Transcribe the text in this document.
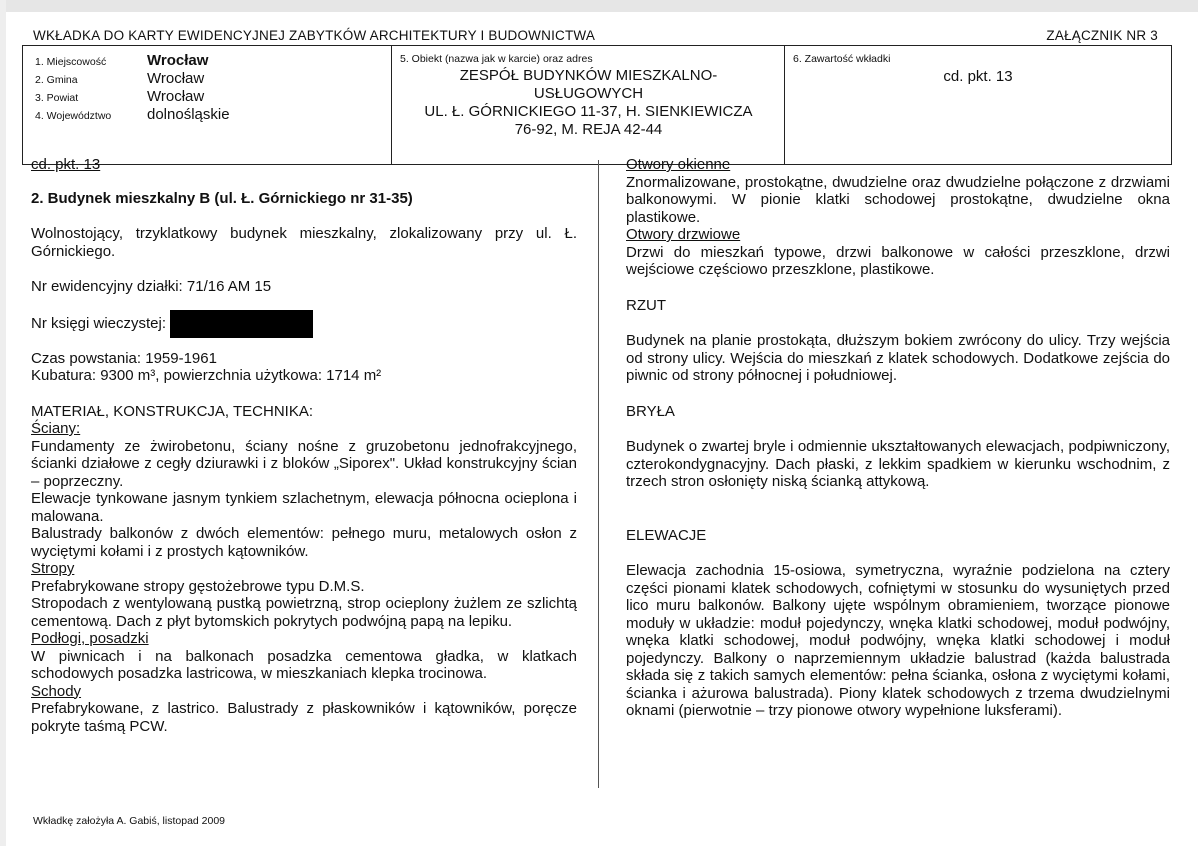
WKŁADKA DO KARTY EWIDENCYJNEJ ZABYTKÓW ARCHITEKTURY I BUDOWNICTWA	ZAŁĄCZNIK NR 3
1. Miejscowość	Wrocław
2. Gmina	Wrocław
3. Powiat	Wrocław
4. Województwo	dolnośląskie
5. Obiekt (nazwa jak w karcie) oraz adres
ZESPÓŁ BUDYNKÓW MIESZKALNO-
USŁUGOWYCH
UL. Ł. GÓRNICKIEGO 11-37, H. SIENKIEWICZA
76-92, M. REJA 42-44
6. Zawartość wkładki
cd. pkt. 13

cd. pkt. 13

2. Budynek mieszkalny B (ul. Ł. Górnickiego nr 31-35)

Wolnostojący, trzyklatkowy budynek mieszkalny, zlokalizowany przy ul. Ł. Górnickiego.

Nr ewidencyjny działki: 71/16 AM 15

Nr księgi wieczystej:

Czas powstania: 1959-1961

Kubatura: 9300 m³, powierzchnia użytkowa: 1714 m²

MATERIAŁ, KONSTRUKCJA, TECHNIKA:

Ściany:

Fundamenty ze żwirobetonu, ściany nośne z gruzobetonu jednofrakcyjnego, ścianki działowe z cegły dziurawki i z bloków „Siporex". Układ konstrukcyjny ścian – poprzeczny.

Elewacje tynkowane jasnym tynkiem szlachetnym, elewacja północna ocieplona i malowana.

Balustrady balkonów z dwóch elementów: pełnego muru, metalowych osłon z wyciętymi kołami i z prostych kątowników.

Stropy

Prefabrykowane stropy gęstożebrowe typu D.M.S.

Stropodach z wentylowaną pustką powietrzną, strop ocieplony żużlem ze szlichtą cementową. Dach z płyt bytomskich pokrytych podwójną papą na lepiku.

Podłogi, posadzki

W piwnicach i na balkonach posadzka cementowa gładka, w klatkach schodowych posadzka lastricowa, w mieszkaniach klepka trocinowa.

Schody

Prefabrykowane, z lastrico. Balustrady z płaskowników i kątowników, poręcze pokryte taśmą PCW.

Otwory okienne

Znormalizowane, prostokątne, dwudzielne oraz dwudzielne połączone z drzwiami balkonowymi. W pionie klatki schodowej prostokątne, dwudzielne okna plastikowe.

Otwory drzwiowe

Drzwi do mieszkań typowe, drzwi balkonowe w całości przeszklone, drzwi wejściowe częściowo przeszklone, plastikowe.

RZUT

Budynek na planie prostokąta, dłuższym bokiem zwrócony do ulicy. Trzy wejścia od strony ulicy. Wejścia do mieszkań z klatek schodowych. Dodatkowe zejścia do piwnic od strony północnej i południowej.

BRYŁA

Budynek o zwartej bryle i odmiennie ukształtowanych elewacjach, podpiwniczony, czterokondygnacyjny. Dach płaski, z lekkim spadkiem w kierunku wschodnim, z trzech stron osłonięty niską ścianką attykową.

ELEWACJE

Elewacja zachodnia 15-osiowa, symetryczna, wyraźnie podzielona na cztery części pionami klatek schodowych, cofniętymi w stosunku do wysuniętych przed lico muru balkonów. Balkony ujęte wspólnym obramieniem, tworzące pionowe moduły w układzie: moduł pojedynczy, wnęka klatki schodowej, moduł podwójny, wnęka klatki schodowej, moduł podwójny, wnęka klatki schodowej i moduł pojedynczy. Balkony o naprzemiennym układzie balustrad (każda balustrada składa się z takich samych elementów: pełna ścianka, osłona z wyciętymi kołami, ścianka i ażurowa balustrada). Piony klatek schodowych z trzema dwudzielnymi oknami (pierwotnie – trzy pionowe otwory wypełnione luksferami).

Wkładkę założyła A. Gabiś, listopad 2009
